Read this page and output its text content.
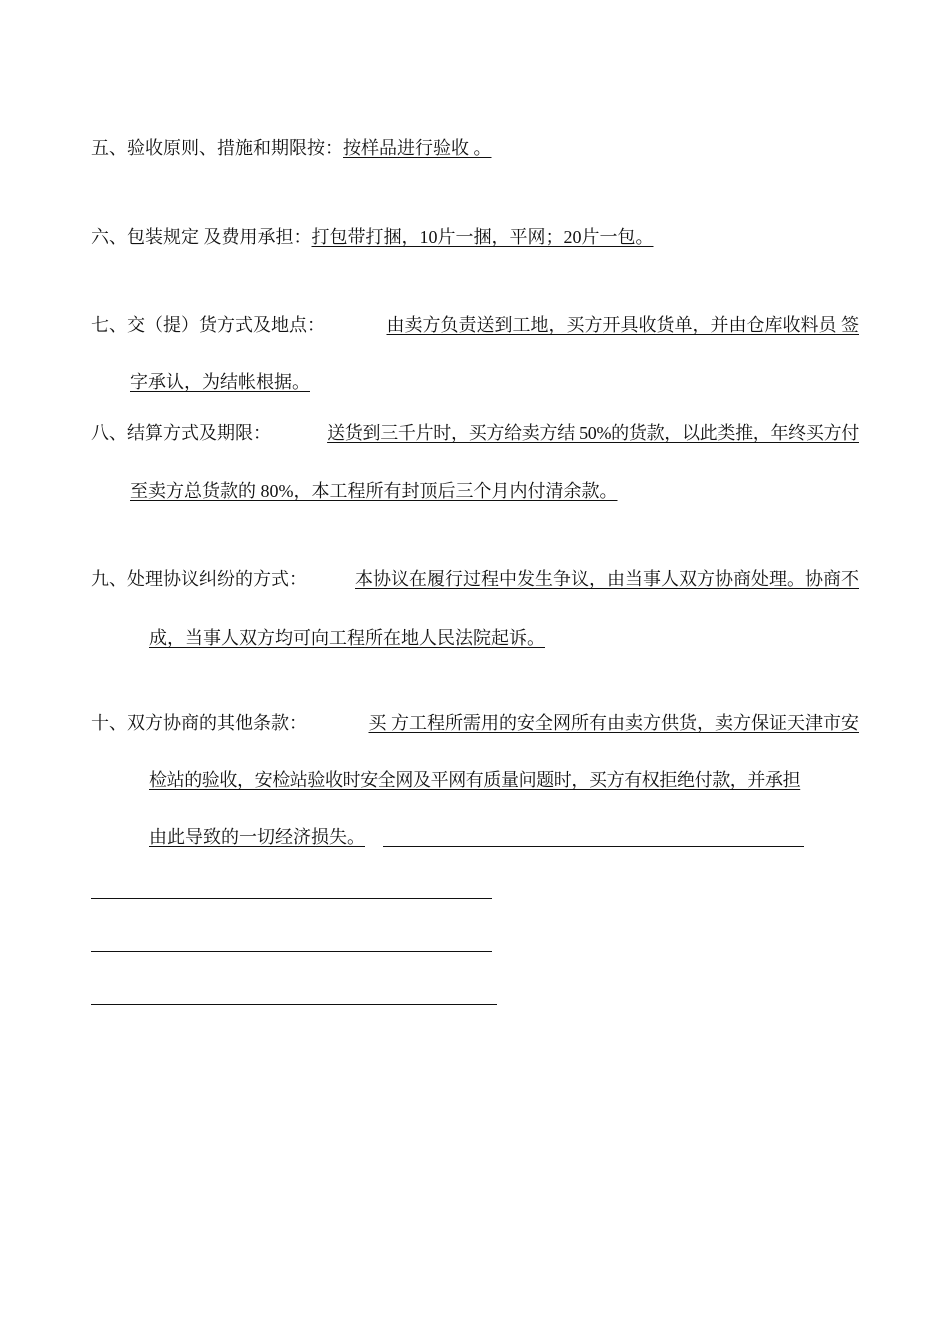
五、验收原则、措施和期限按：按样品进行验收 。
六、包装规定 及费用承担：打包带打捆，10片一捆，平网；20片一包。
七、交（提）货方式及地点：	由卖方负责送到工地，买方开具收货单，并由仓库收料员 签
字承认，为结帐根据。
八、结算方式及期限：	送货到三千片时，买方给卖方结 50%的货款，以此类推，年终买方付
至卖方总货款的 80%，本工程所有封顶后三个月内付清余款。
九、处理协议纠纷的方式：	本协议在履行过程中发生争议，由当事人双方协商处理。协商不
成，当事人双方均可向工程所在地人民法院起诉。
十、双方协商的其他条款：	买 方工程所需用的安全网所有由卖方供货，卖方保证天津市安
检站的验收，安检站验收时安全网及平网有质量问题时，买方有权拒绝付款，并承担
由此导致的一切经济损失。
